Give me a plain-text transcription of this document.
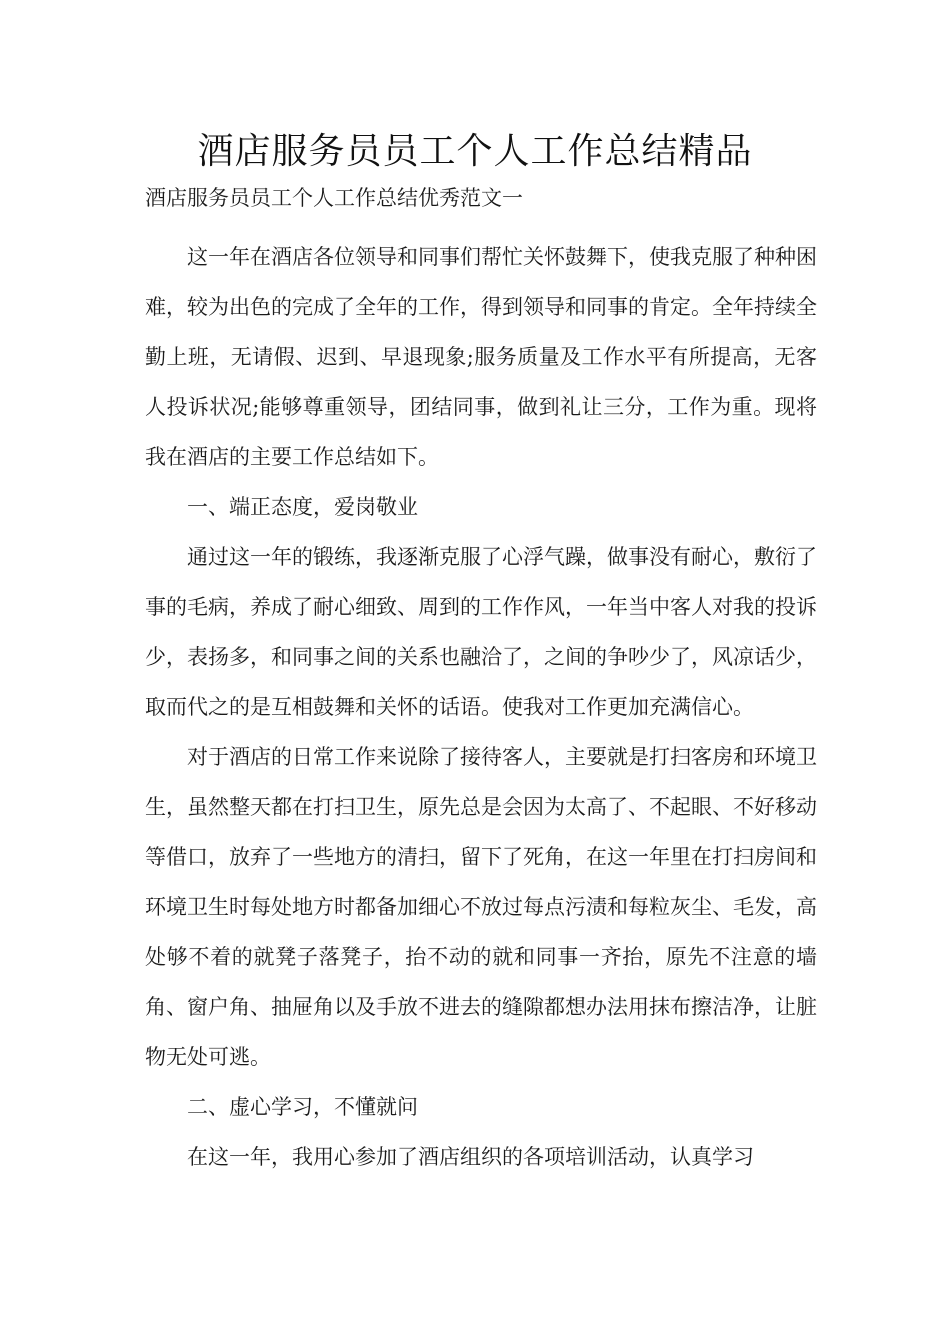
酒店服务员员工个人工作总结精品
酒店服务员员工个人工作总结优秀范文一

这一年在酒店各位领导和同事们帮忙关怀鼓舞下，使我克服了种种困难，较为出色的完成了全年的工作，得到领导和同事的肯定。全年持续全勤上班，无请假、迟到、早退现象;服务质量及工作水平有所提高，无客人投诉状况;能够尊重领导，团结同事，做到礼让三分，工作为重。现将我在酒店的主要工作总结如下。

一、端正态度，爱岗敬业

通过这一年的锻练，我逐渐克服了心浮气躁，做事没有耐心，敷衍了事的毛病，养成了耐心细致、周到的工作作风，一年当中客人对我的投诉少，表扬多，和同事之间的关系也融洽了，之间的争吵少了，风凉话少，取而代之的是互相鼓舞和关怀的话语。使我对工作更加充满信心。

对于酒店的日常工作来说除了接待客人，主要就是打扫客房和环境卫生，虽然整天都在打扫卫生，原先总是会因为太高了、不起眼、不好移动等借口，放弃了一些地方的清扫，留下了死角，在这一年里在打扫房间和环境卫生时每处地方时都备加细心不放过每点污渍和每粒灰尘、毛发，高处够不着的就凳子落凳子，抬不动的就和同事一齐抬，原先不注意的墙角、窗户角、抽屉角以及手放不进去的缝隙都想办法用抹布擦洁净，让脏物无处可逃。

二、虚心学习，不懂就问

在这一年，我用心参加了酒店组织的各项培训活动，认真学习
